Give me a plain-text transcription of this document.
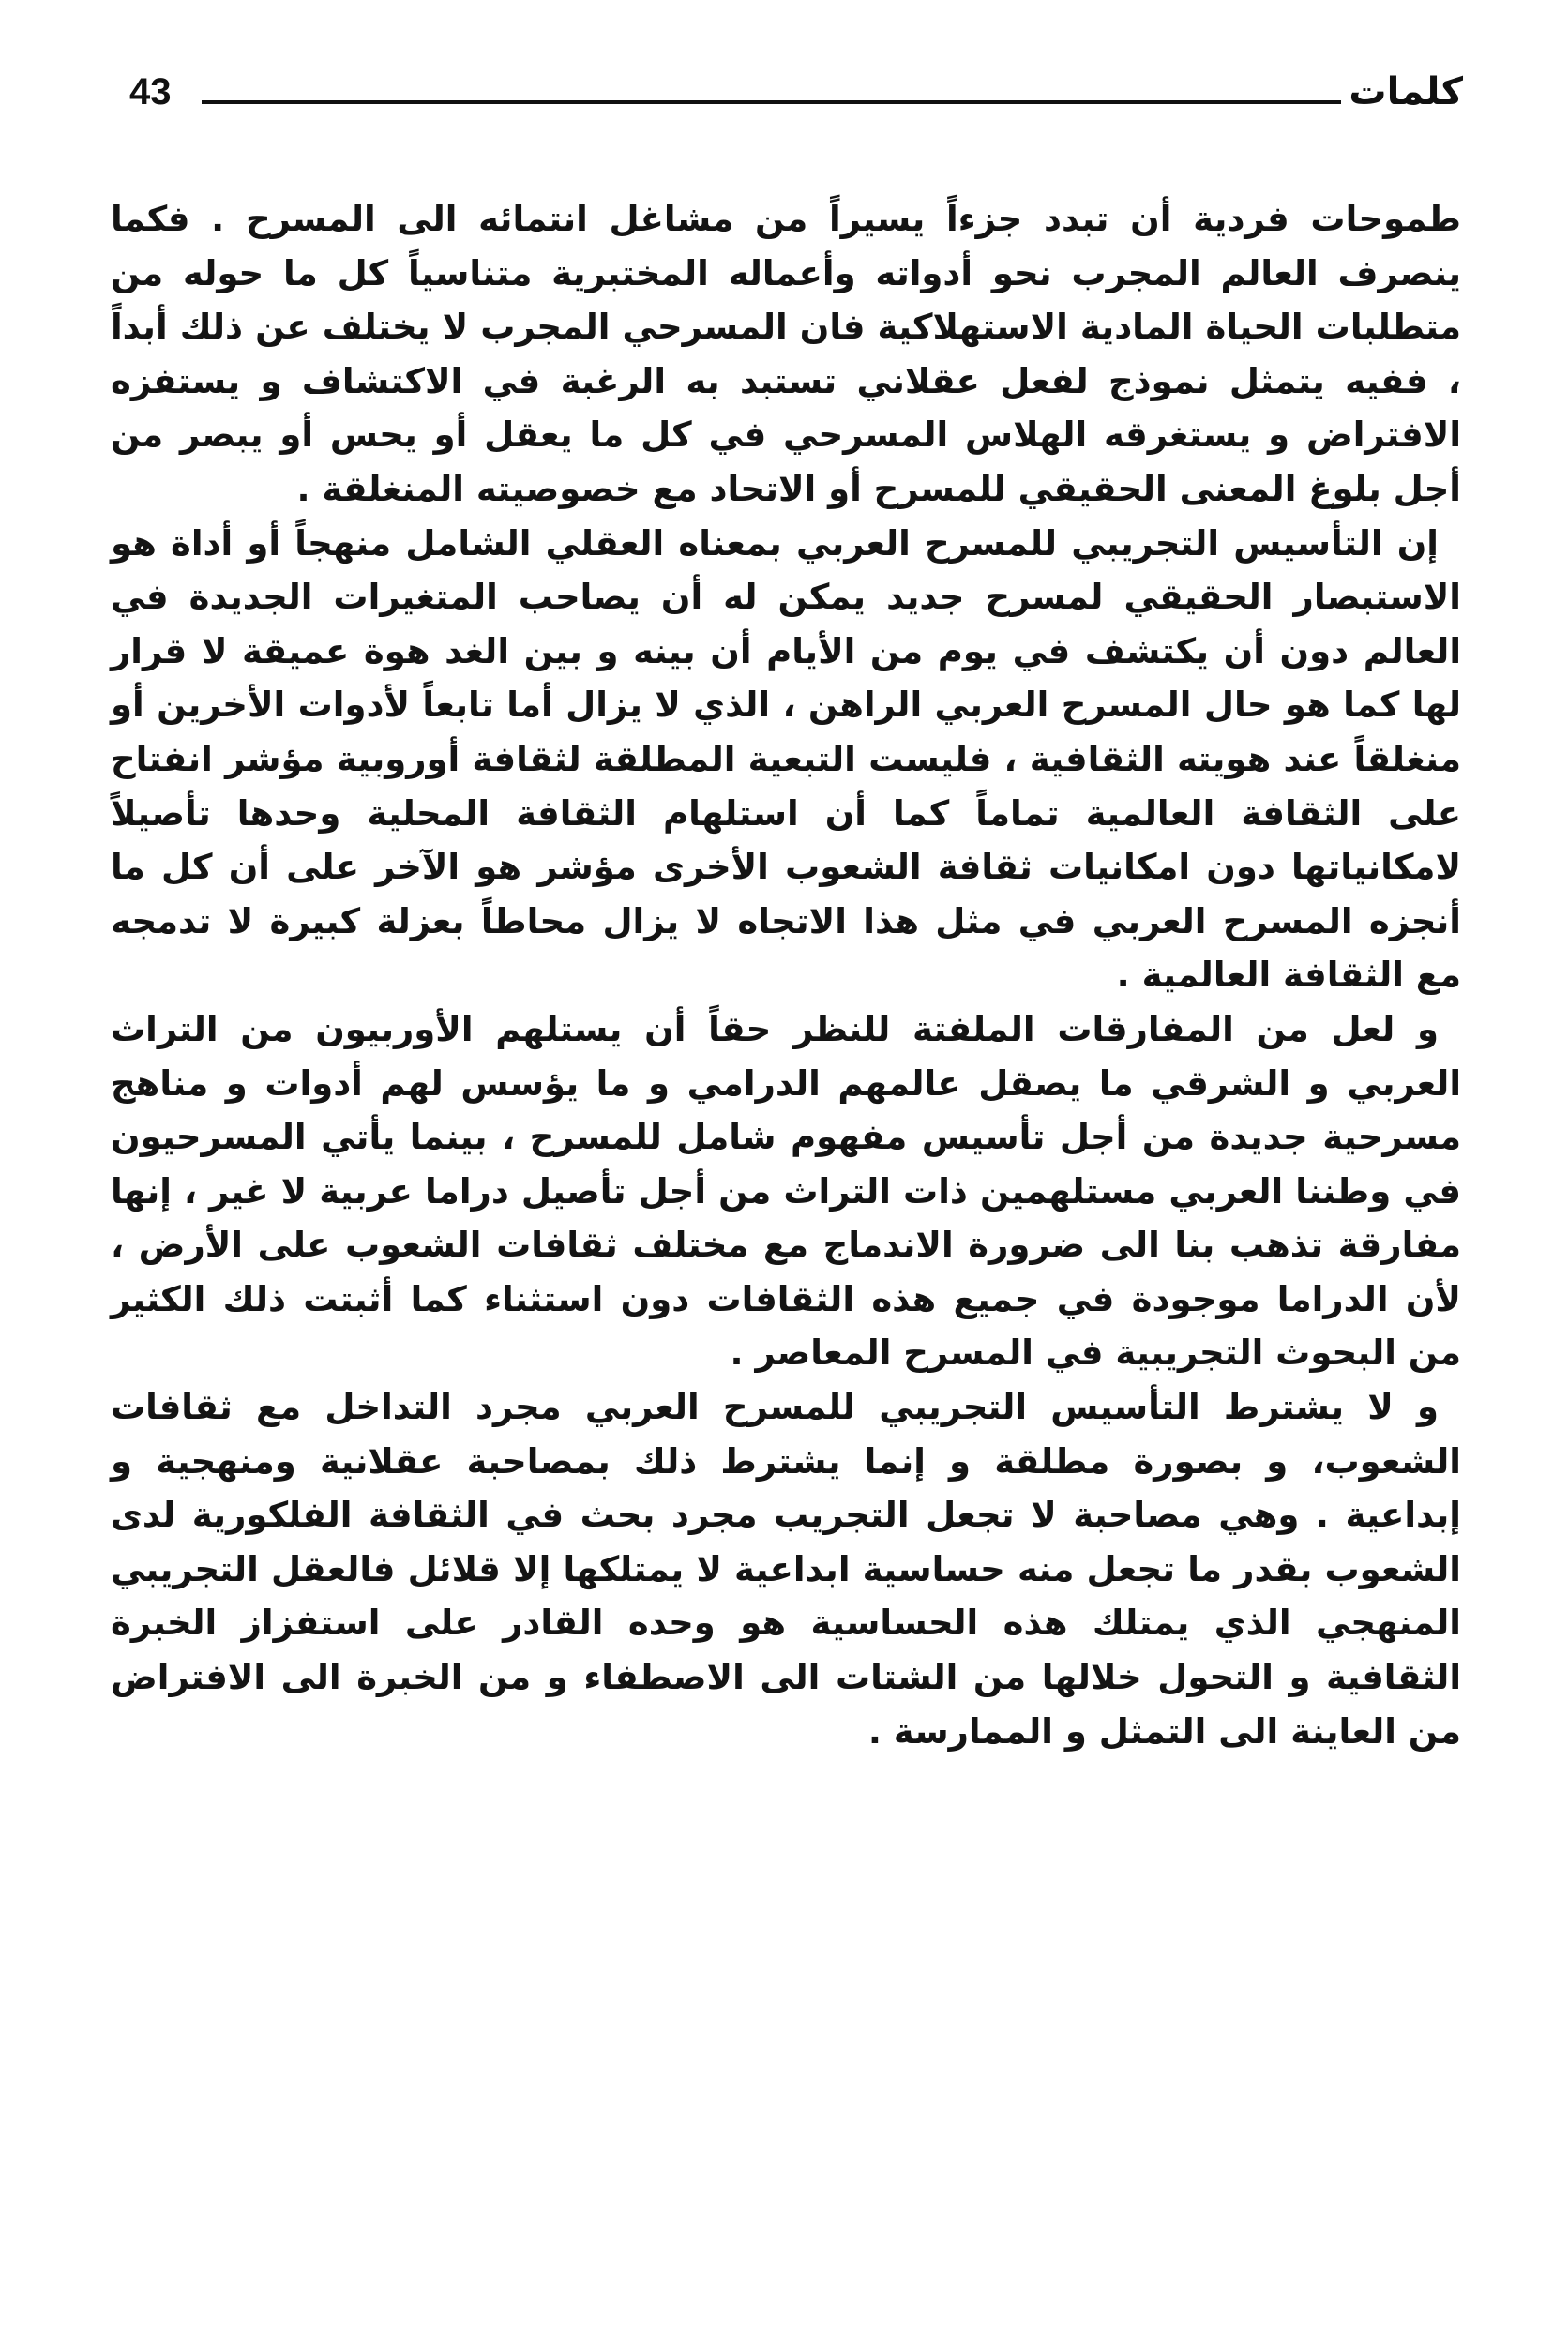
43	كلمات

طموحات فردية أن تبدد جزءاً يسيراً من مشاغل انتمائه الى المسرح . فكما ينصرف العالم المجرب نحو أدواته وأعماله المختبرية متناسياً كل ما حوله من متطلبات الحياة المادية الاستهلاكية فان المسرحي المجرب لا يختلف عن ذلك أبداً ، ففيه يتمثل نموذج لفعل عقلاني تستبد به الرغبة في الاكتشاف و يستفزه الافتراض و يستغرقه الهلاس المسرحي في كل ما يعقل أو يحس أو يبصر من أجل بلوغ المعنى الحقيقي للمسرح أو الاتحاد مع خصوصيته المنغلقة .

إن التأسيس التجريبي للمسرح العربي بمعناه العقلي الشامل منهجاً أو أداة هو الاستبصار الحقيقي لمسرح جديد يمكن له أن يصاحب المتغيرات الجديدة في العالم دون أن يكتشف في يوم من الأيام أن بينه و بين الغد هوة عميقة لا قرار لها كما هو حال المسرح العربي الراهن ، الذي لا يزال أما تابعاً لأدوات الأخرين أو منغلقاً عند هويته الثقافية ، فليست التبعية المطلقة لثقافة أوروبية مؤشر انفتاح على الثقافة العالمية تماماً كما أن استلهام الثقافة المحلية وحدها تأصيلاً لامكانياتها دون امكانيات ثقافة الشعوب الأخرى مؤشر هو الآخر على أن كل ما أنجزه المسرح العربي في مثل هذا الاتجاه لا يزال محاطاً بعزلة كبيرة لا تدمجه مع الثقافة العالمية .

و لعل من المفارقات الملفتة للنظر حقاً أن يستلهم الأوربيون من التراث العربي و الشرقي ما يصقل عالمهم الدرامي و ما يؤسس لهم أدوات و مناهج مسرحية جديدة من أجل تأسيس مفهوم شامل للمسرح ، بينما يأتي المسرحيون في وطننا العربي مستلهمين ذات التراث من أجل تأصيل دراما عربية لا غير ، إنها مفارقة تذهب بنا الى ضرورة الاندماج مع مختلف ثقافات الشعوب على الأرض ، لأن الدراما موجودة في جميع هذه الثقافات دون استثناء كما أثبتت ذلك الكثير من البحوث التجريبية في المسرح المعاصر .

و لا يشترط التأسيس التجريبي للمسرح العربي مجرد التداخل مع ثقافات الشعوب، و بصورة مطلقة و إنما يشترط ذلك بمصاحبة عقلانية ومنهجية و إبداعية . وهي مصاحبة لا تجعل التجريب مجرد بحث في الثقافة الفلكورية لدى الشعوب بقدر ما تجعل منه حساسية ابداعية لا يمتلكها إلا قلائل فالعقل التجريبي المنهجي الذي يمتلك هذه الحساسية هو وحده القادر على استفزاز الخبرة الثقافية و التحول خلالها من الشتات الى الاصطفاء و من الخبرة الى الافتراض من العاينة الى التمثل و الممارسة .
